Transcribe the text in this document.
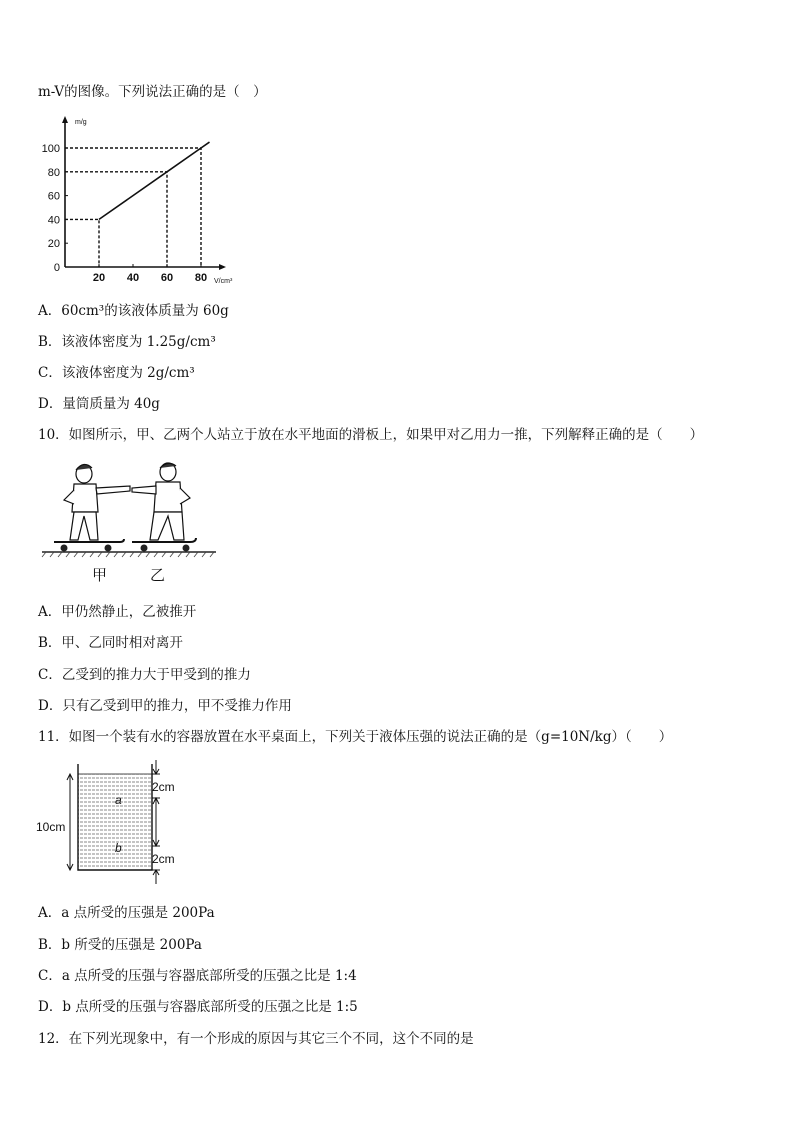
m-V的图像。下列说法正确的是（　）
m/g
V/cm³
0
20
40
60
80
100
20 40 60 80
A．60cm³的该液体质量为 60g
B．该液体密度为 1.25g/cm³
C．该液体密度为 2g/cm³
D．量筒质量为 40g
10．如图所示，甲、乙两个人站立于放在水平地面的滑板上，如果甲对乙用力一推，下列解释正确的是（　　）
甲	乙
A．甲仍然静止，乙被推开
B．甲、乙同时相对离开
C．乙受到的推力大于甲受到的推力
D．只有乙受到甲的推力，甲不受推力作用
11．如图一个装有水的容器放置在水平桌面上，下列关于液体压强的说法正确的是（g=10N/kg）（　　）
10cm
2cm
2cm
a
b
A．a 点所受的压强是 200Pa
B．b 所受的压强是 200Pa
C．a 点所受的压强与容器底部所受的压强之比是 1:4
D．b 点所受的压强与容器底部所受的压强之比是 1:5
12．在下列光现象中，有一个形成的原因与其它三个不同，这个不同的是
